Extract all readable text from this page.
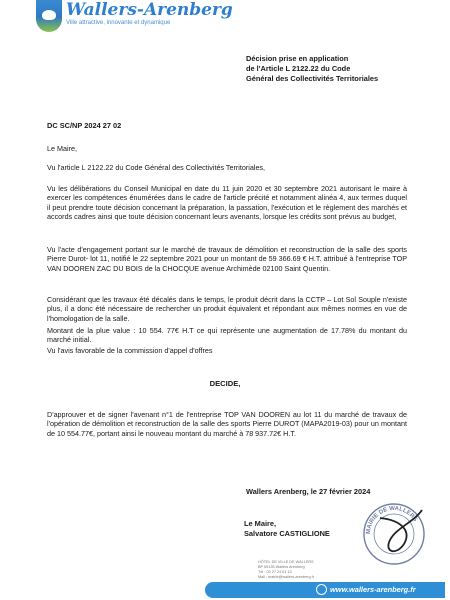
Wallers-Arenberg
Ville attractive, innovante et dynamique
Décision prise en application
de l'Article L 2122.22 du Code
Général des Collectivités Territoriales
DC SC/NP 2024 27 02
Le Maire,
Vu l'article L 2122.22 du Code Général des Collectivités Territoriales,
Vu les délibérations du Conseil Municipal en date du 11 juin 2020 et 30 septembre 2021 autorisant le maire à exercer les compétences énumérées dans le cadre de l'article précité et notamment alinéa 4, aux termes duquel il peut prendre toute décision concernant la préparation, la passation, l'exécution et le règlement des marchés et accords cadres ainsi que toute décision concernant leurs avenants, lorsque les crédits sont prévus au budget,
Vu l'acte d'engagement portant sur le marché de travaux de démolition et reconstruction de la salle des sports Pierre Durot- lot 11, notifié le 22 septembre 2021 pour un montant de 59 366.69 € H.T. attribué à l'entreprise TOP VAN DOOREN ZAC DU BOIS de la CHOCQUE avenue Archimède 02100 Saint Quentin.
Considérant que les travaux été décalés dans le temps, le produit décrit dans la CCTP – Lot Sol Souple n'existe plus, il a donc été nécessaire de rechercher un produit équivalent et répondant aux mêmes normes en vue de l'homologation de la salle.
Montant de la plue value : 10 554. 77€ H.T ce qui représente une augmentation de 17.78% du montant du marché initial.
Vu l'avis favorable de la commission d'appel d'offres
DECIDE,
D'approuver et de signer l'avenant n°1 de l'entreprise TOP VAN DOOREN au lot 11 du marché de travaux de l'opération de démolition et reconstruction de la salle des sports Pierre DUROT (MAPA2019-03) pour un montant de 10 554.77€, portant ainsi le nouveau montant du marché à 78 937.72€ H.T.
Wallers Arenberg, le 27 février 2024
Le Maire,
Salvatore CASTIGLIONE	MAIRIE DE WALLERS
HÔTEL DE VILLE DE WALLERS
BP 59135 Wallers Arenberg
Tél : 03 27 24 61 10
Mail : mairie@wallers-arenberg.fr
www.wallers-arenberg.fr
